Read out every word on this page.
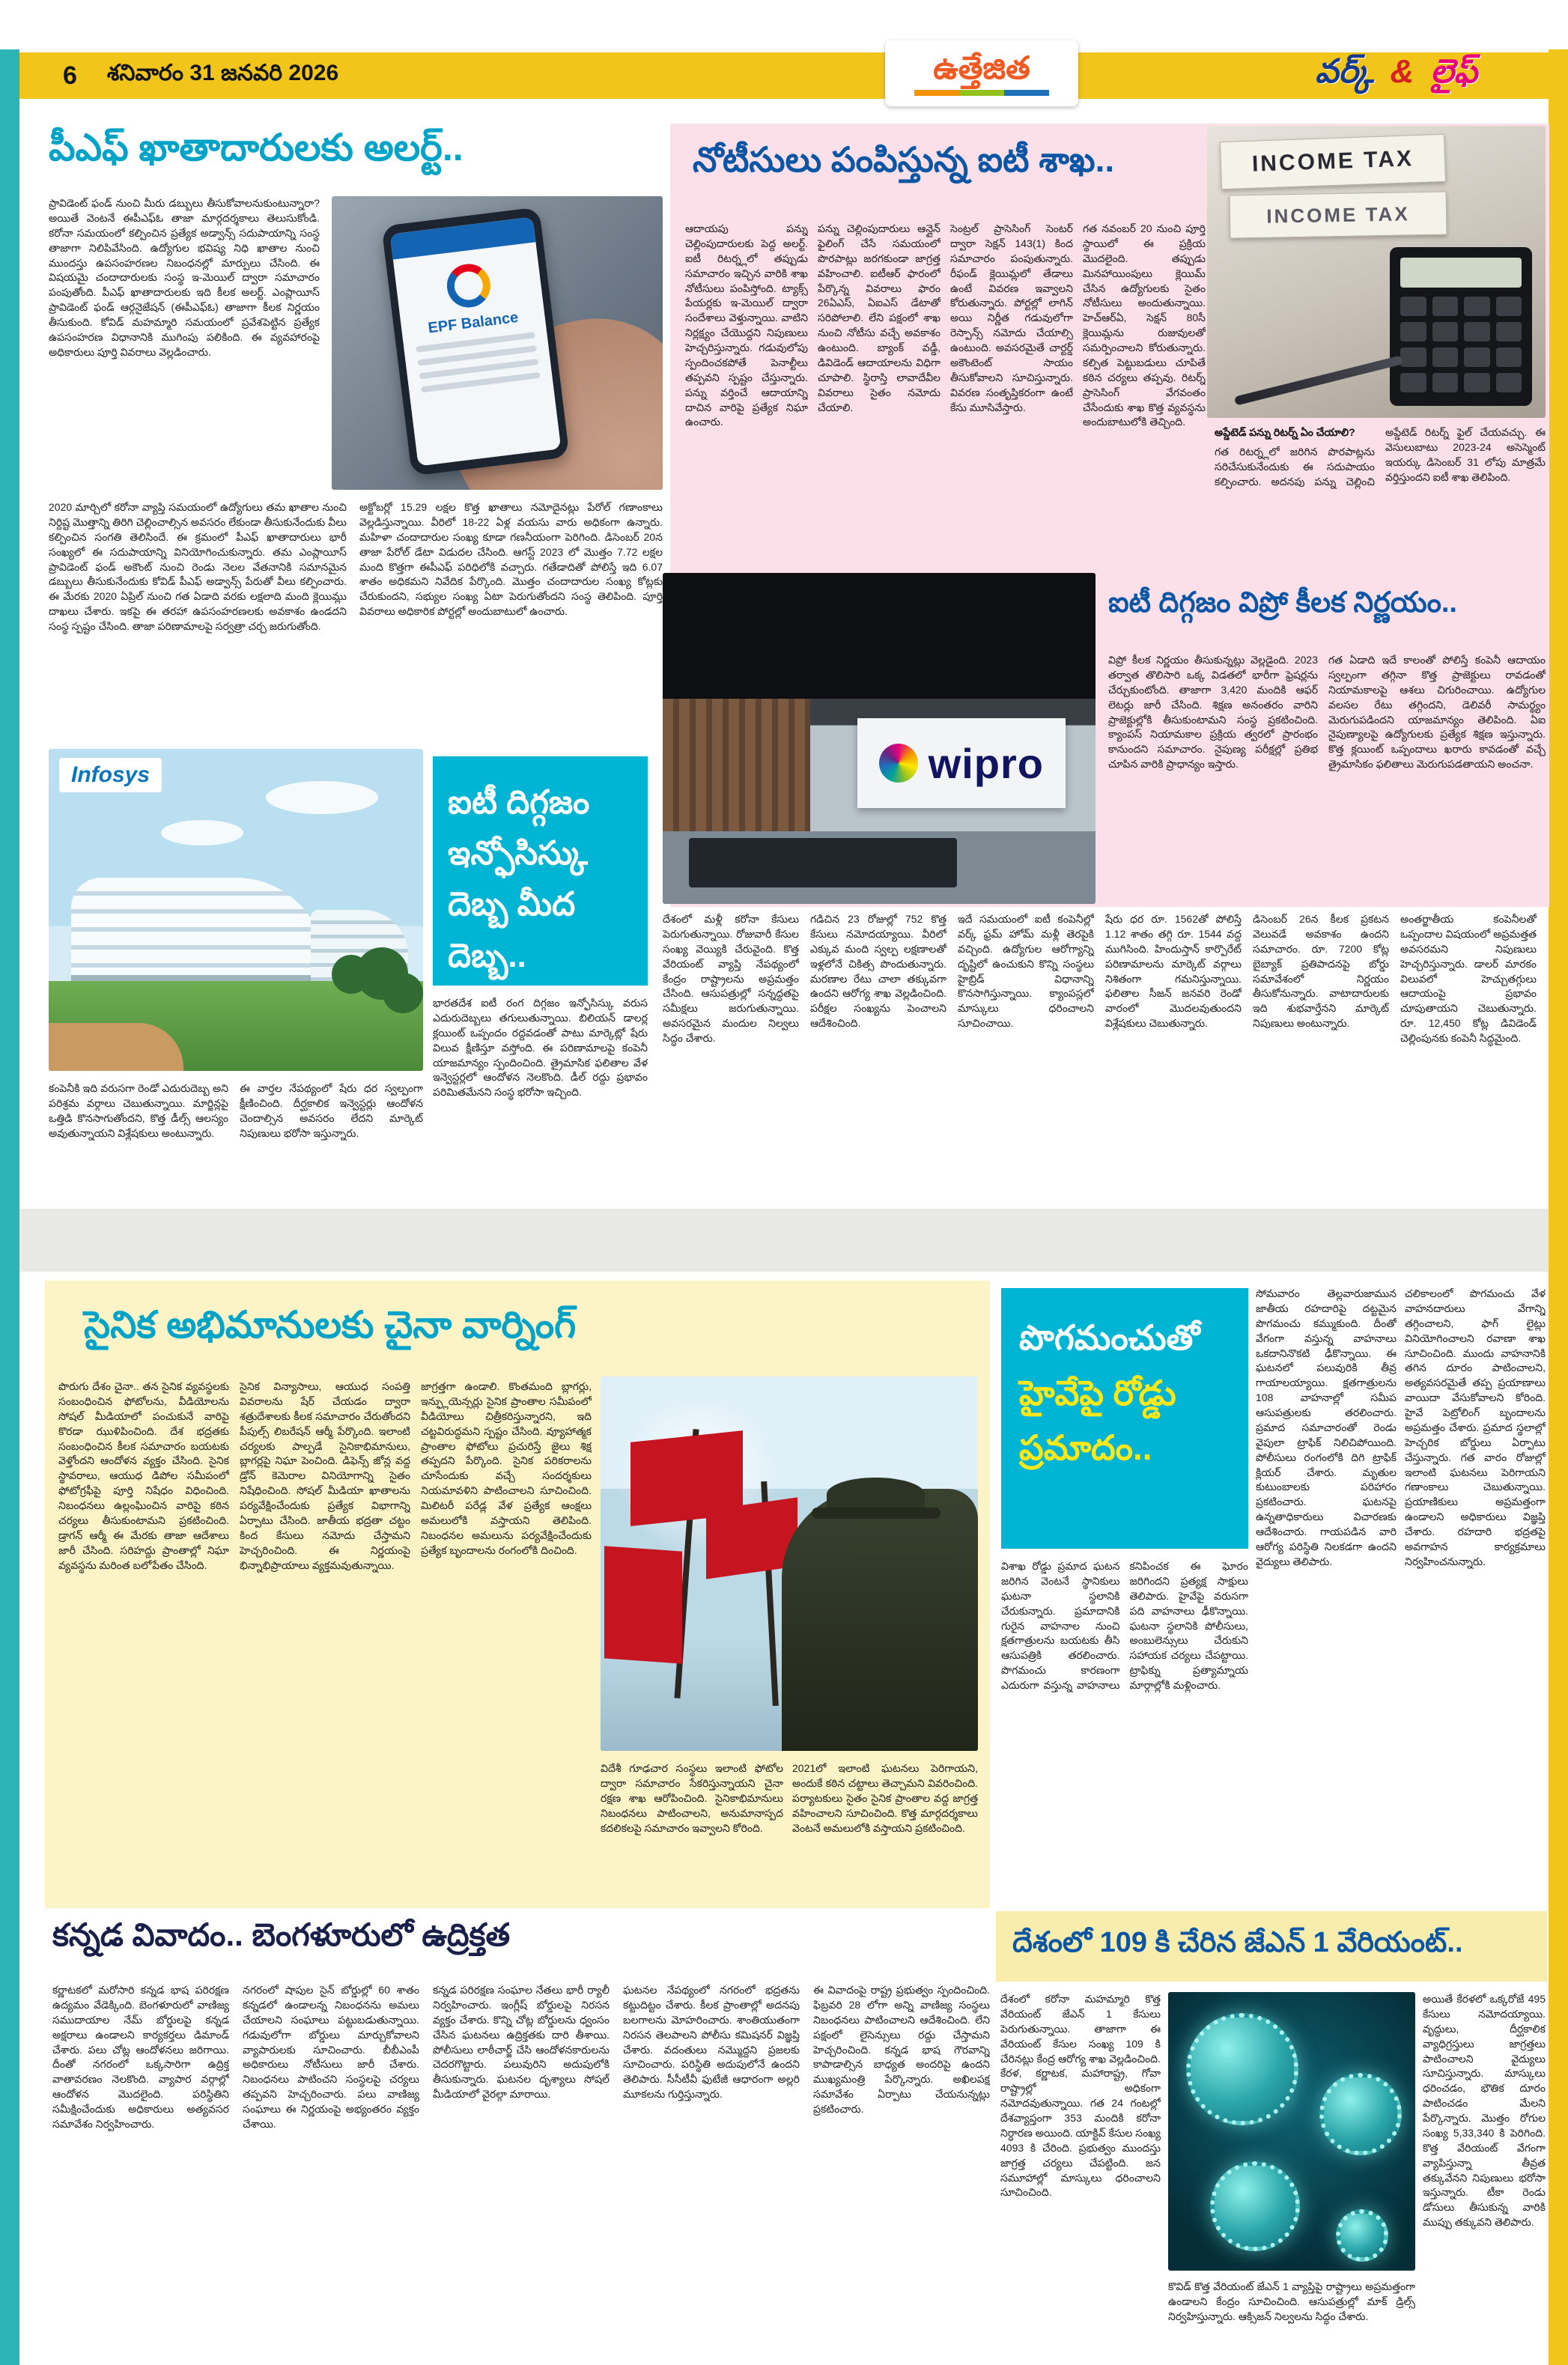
6 శనివారం 31 జనవరి 2026	వర్క్ & లైఫ్
ఉత్తేజిత
పీఎఫ్ ఖాతాదారులకు అలర్ట్..
ప్రావిడెంట్ ఫండ్ నుంచి మీరు డబ్బులు తీసుకోవాలనుకుంటున్నారా? అయితే వెంటనే ఈపీఎఫ్ఓ తాజా మార్గదర్శకాలు తెలుసుకోండి. కరోనా సమయంలో కల్పించిన ప్రత్యేక అడ్వాన్స్ సదుపాయాన్ని సంస్థ తాజాగా నిలిపివేసింది. ఉద్యోగుల భవిష్య నిధి ఖాతాల నుంచి ముందస్తు ఉపసంహరణల నిబంధనల్లో మార్పులు చేసింది. ఈ విషయమై చందాదారులకు సంస్థ ఇ-మెయిల్ ద్వారా సమాచారం పంపుతోంది. పీఎఫ్ ఖాతాదారులకు ఇది కీలక అలర్ట్. ఎంప్లాయీస్ ప్రావిడెంట్ ఫండ్ ఆర్గనైజేషన్ (ఈపీఎఫ్ఓ) తాజాగా కీలక నిర్ణయం తీసుకుంది. కోవిడ్ మహమ్మారి సమయంలో ప్రవేశపెట్టిన ప్రత్యేక ఉపసంహరణ విధానానికి ముగింపు పలికింది. ఈ వ్యవహారంపై అధికారులు పూర్తి వివరాలు వెల్లడించారు.
EPF Balance
2020 మార్చిలో కరోనా వ్యాప్తి సమయంలో ఉద్యోగులు తమ ఖాతాల నుంచి నిర్దిష్ట మొత్తాన్ని తిరిగి చెల్లించాల్సిన అవసరం లేకుండా తీసుకునేందుకు వీలు కల్పించిన సంగతి తెలిసిందే. ఈ క్రమంలో పీఎఫ్ ఖాతాదారులు భారీ సంఖ్యలో ఈ సదుపాయాన్ని వినియోగించుకున్నారు. తమ ఎంప్లాయీస్ ప్రావిడెంట్ ఫండ్ అకౌంట్ నుంచి రెండు నెలల వేతనానికి సమానమైన డబ్బులు తీసుకునేందుకు కోవిడ్ పీఎఫ్ అడ్వాన్స్ పేరుతో వీలు కల్పించారు. ఈ మేరకు 2020 ఏప్రిల్ నుంచి గత ఏడాది వరకు లక్షలాది మంది క్లెయిమ్లు దాఖలు చేశారు. ఇకపై ఈ తరహా ఉపసంహరణలకు అవకాశం ఉండదని సంస్థ స్పష్టం చేసింది. తాజా పరిణామాలపై సర్వత్రా చర్చ జరుగుతోంది.
అక్టోబర్లో 15.29 లక్షల కొత్త ఖాతాలు నమోదైనట్లు పేరోల్ గణాంకాలు వెల్లడిస్తున్నాయి. వీరిలో 18-22 ఏళ్ల వయసు వారు అధికంగా ఉన్నారు. మహిళా చందాదారుల సంఖ్య కూడా గణనీయంగా పెరిగింది. డిసెంబర్ 20న తాజా పేరోల్ డేటా విడుదల చేసింది. ఆగస్ట్ 2023 లో మొత్తం 7.72 లక్షల మంది కొత్తగా ఈపీఎఫ్ పరిధిలోకి వచ్చారు. గతేడాదితో పోలిస్తే ఇది 6.07 శాతం అధికమని నివేదిక పేర్కొంది. మొత్తం చందాదారుల సంఖ్య కోట్లకు చేరుకుందని, సభ్యుల సంఖ్య ఏటా పెరుగుతోందని సంస్థ తెలిపింది. పూర్తి వివరాలు అధికారిక పోర్టల్లో అందుబాటులో ఉంచారు.
నోటీసులు పంపిస్తున్న ఐటీ శాఖ..	INCOME TAX
INCOME TAX
ఆదాయపు పన్ను చెల్లింపుదారులకు పెద్ద అలర్ట్. ఐటీ రిటర్న్లలో తప్పుడు సమాచారం ఇచ్చిన వారికి శాఖ నోటీసులు పంపిస్తోంది. ట్యాక్స్ పేయర్లకు ఇ-మెయిల్ ద్వారా సందేశాలు వెళ్తున్నాయి. వాటిని నిర్లక్ష్యం చేయొద్దని నిపుణులు హెచ్చరిస్తున్నారు. గడువులోపు స్పందించకపోతే పెనాల్టీలు తప్పవని స్పష్టం చేస్తున్నారు. పన్ను వర్తించే ఆదాయాన్ని దాచిన వారిపై ప్రత్యేక నిఘా ఉంచారు.
పన్ను చెల్లింపుదారులు ఆన్లైన్ ఫైలింగ్ చేసే సమయంలో పొరపాట్లు జరగకుండా జాగ్రత్త వహించాలి. ఐటీఆర్ ఫారంలో పేర్కొన్న వివరాలు ఫారం 26ఏఎస్, ఏఐఎస్ డేటాతో సరిపోలాలి. లేని పక్షంలో శాఖ నుంచి నోటీసు వచ్చే అవకాశం ఉంటుంది. బ్యాంక్ వడ్డీ, డివిడెండ్ ఆదాయాలను విధిగా చూపాలి. స్థిరాస్తి లావాదేవీల వివరాలు సైతం నమోదు చేయాలి.
సెంట్రల్ ప్రాసెసింగ్ సెంటర్ ద్వారా సెక్షన్ 143(1) కింద సమాచారం పంపుతున్నారు. రీఫండ్ క్లెయిమ్లలో తేడాలు ఉంటే వివరణ ఇవ్వాలని కోరుతున్నారు. పోర్టల్లో లాగిన్ అయి నిర్ణీత గడువులోగా రెస్పాన్స్ నమోదు చేయాల్సి ఉంటుంది. అవసరమైతే చార్టర్డ్ అకౌంటెంట్ సాయం తీసుకోవాలని సూచిస్తున్నారు. వివరణ సంతృప్తికరంగా ఉంటే కేసు మూసివేస్తారు.
గత నవంబర్ 20 నుంచి పూర్తి స్థాయిలో ఈ ప్రక్రియ మొదలైంది. తప్పుడు మినహాయింపులు క్లెయిమ్ చేసిన ఉద్యోగులకు సైతం నోటీసులు అందుతున్నాయి. హెచ్ఆర్ఏ, సెక్షన్ 80సీ క్లెయిమ్లను రుజువులతో సమర్పించాలని కోరుతున్నారు. కల్పిత పెట్టుబడులు చూపితే కఠిన చర్యలు తప్పవు. రిటర్న్ ప్రాసెసింగ్ వేగవంతం చేసేందుకు శాఖ కొత్త వ్యవస్థను అందుబాటులోకి తెచ్చింది.
అప్డేటెడ్ పన్ను రిటర్న్ ఏం చేయాలి?
గత రిటర్న్లలో జరిగిన పొరపాట్లను సరిచేసుకునేందుకు ఈ సదుపాయం కల్పించారు. అదనపు పన్ను చెల్లించి అప్డేటెడ్ రిటర్న్ ఫైల్ చేయవచ్చు. ఈ వెసులుబాటు 2023-24 అసెస్మెంట్ ఇయర్కు డిసెంబర్ 31 లోపు మాత్రమే వర్తిస్తుందని ఐటీ శాఖ తెలిపింది.
wipro
ఐటీ దిగ్గజం విప్రో కీలక నిర్ణయం..
విప్రో కీలక నిర్ణయం తీసుకున్నట్లు వెల్లడైంది. 2023 తర్వాత తొలిసారి ఒక్క విడతలో భారీగా ఫ్రెషర్లను చేర్చుకుంటోంది. తాజాగా 3,420 మందికి ఆఫర్ లెటర్లు జారీ చేసింది. శిక్షణ అనంతరం వారిని ప్రాజెక్టుల్లోకి తీసుకుంటామని సంస్థ ప్రకటించింది. క్యాంపస్ నియామకాల ప్రక్రియ త్వరలో ప్రారంభం కానుందని సమాచారం. నైపుణ్య పరీక్షల్లో ప్రతిభ చూపిన వారికి ప్రాధాన్యం ఇస్తారు.
గత ఏడాది ఇదే కాలంతో పోలిస్తే కంపెనీ ఆదాయం స్వల్పంగా తగ్గినా కొత్త ప్రాజెక్టులు రావడంతో నియామకాలపై ఆశలు చిగురించాయి. ఉద్యోగుల వలసల రేటు తగ్గిందని, డెలివరీ సామర్థ్యం మెరుగుపడిందని యాజమాన్యం తెలిపింది. ఏఐ నైపుణ్యాలపై ఉద్యోగులకు ప్రత్యేక శిక్షణ ఇస్తున్నారు. కొత్త క్లయింట్ ఒప్పందాలు ఖరారు కావడంతో వచ్చే త్రైమాసికం ఫలితాలు మెరుగుపడతాయని అంచనా.
దేశంలో మళ్లీ కరోనా కేసులు పెరుగుతున్నాయి. రోజువారీ కేసుల సంఖ్య వెయ్యికి చేరువైంది. కొత్త వేరియంట్ వ్యాప్తి నేపథ్యంలో కేంద్రం రాష్ట్రాలను అప్రమత్తం చేసింది. ఆసుపత్రుల్లో సన్నద్ధతపై సమీక్షలు జరుగుతున్నాయి. అవసరమైన మందుల నిల్వలు సిద్ధం చేశారు.
గడిచిన 23 రోజుల్లో 752 కొత్త కేసులు నమోదయ్యాయి. వీరిలో ఎక్కువ మంది స్వల్ప లక్షణాలతో ఇళ్లలోనే చికిత్స పొందుతున్నారు. మరణాల రేటు చాలా తక్కువగా ఉందని ఆరోగ్య శాఖ వెల్లడించింది. పరీక్షల సంఖ్యను పెంచాలని ఆదేశించింది.
ఇదే సమయంలో ఐటీ కంపెనీల్లో వర్క్ ఫ్రమ్ హోమ్ మళ్లీ తెరపైకి వచ్చింది. ఉద్యోగుల ఆరోగ్యాన్ని దృష్టిలో ఉంచుకుని కొన్ని సంస్థలు హైబ్రిడ్ విధానాన్ని కొనసాగిస్తున్నాయి. క్యాంపస్లలో మాస్కులు ధరించాలని సూచించాయి.
షేరు ధర రూ. 1562తో పోలిస్తే 1.12 శాతం తగ్గి రూ. 1544 వద్ద ముగిసింది. హిందుస్తాన్ కార్పొరేట్ పరిణామాలను మార్కెట్ వర్గాలు నిశితంగా గమనిస్తున్నాయి. ఫలితాల సీజన్ జనవరి రెండో వారంలో మొదలవుతుందని విశ్లేషకులు చెబుతున్నారు.
డిసెంబర్ 26న కీలక ప్రకటన వెలువడే అవకాశం ఉందని సమాచారం. రూ. 7200 కోట్ల బైబ్యాక్ ప్రతిపాదనపై బోర్డు సమావేశంలో నిర్ణయం తీసుకోనున్నారు. వాటాదారులకు ఇది శుభవార్తేనని మార్కెట్ నిపుణులు అంటున్నారు.
అంతర్జాతీయ కంపెనీలతో ఒప్పందాల విషయంలో అప్రమత్తత అవసరమని నిపుణులు హెచ్చరిస్తున్నారు. డాలర్ మారకం విలువలో హెచ్చుతగ్గులు ఆదాయంపై ప్రభావం చూపుతాయని చెబుతున్నారు. రూ. 12,450 కోట్ల డివిడెండ్ చెల్లింపునకు కంపెనీ సిద్ధమైంది.
Infosys
ఐటీ దిగ్గజం
ఇన్ఫోసిస్కు
దెబ్బ మీద దెబ్బ..
భారతదేశ ఐటీ రంగ దిగ్గజం ఇన్ఫోసిస్కు వరుస ఎదురుదెబ్బలు తగులుతున్నాయి. బిలియన్ డాలర్ల క్లయింట్ ఒప్పందం రద్దవడంతో పాటు మార్కెట్లో షేరు విలువ క్షీణిస్తూ వస్తోంది. ఈ పరిణామాలపై కంపెనీ యాజమాన్యం స్పందించింది. త్రైమాసిక ఫలితాల వేళ ఇన్వెస్టర్లలో ఆందోళన నెలకొంది. డీల్ రద్దు ప్రభావం పరిమితమేనని సంస్థ భరోసా ఇచ్చింది.
కంపెనీకి ఇది వరుసగా రెండో ఎదురుదెబ్బ అని పరిశ్రమ వర్గాలు చెబుతున్నాయి. మార్జిన్లపై ఒత్తిడి కొనసాగుతోందని, కొత్త డీల్స్ ఆలస్యం అవుతున్నాయని విశ్లేషకులు అంటున్నారు.
ఈ వార్తల నేపథ్యంలో షేరు ధర స్వల్పంగా క్షీణించింది. దీర్ఘకాలిక ఇన్వెస్టర్లు ఆందోళన చెందాల్సిన అవసరం లేదని మార్కెట్ నిపుణులు భరోసా ఇస్తున్నారు.
సైనిక అభిమానులకు చైనా వార్నింగ్
పొరుగు దేశం చైనా.. తన సైనిక వ్యవస్థలకు సంబంధించిన ఫోటోలను, వీడియోలను సోషల్ మీడియాలో పంచుకునే వారిపై కొరడా ఝుళిపించింది. దేశ భద్రతకు సంబంధించిన కీలక సమాచారం బయటకు వెళ్తోందని ఆందోళన వ్యక్తం చేసింది. సైనిక స్థావరాలు, ఆయుధ డిపోల సమీపంలో ఫోటోగ్రఫీపై పూర్తి నిషేధం విధించింది. నిబంధనలు ఉల్లంఘించిన వారిపై కఠిన చర్యలు తీసుకుంటామని ప్రకటించింది. డ్రాగన్ ఆర్మీ ఈ మేరకు తాజా ఆదేశాలు జారీ చేసింది. సరిహద్దు ప్రాంతాల్లో నిఘా వ్యవస్థను మరింత బలోపేతం చేసింది.
సైనిక విన్యాసాలు, ఆయుధ సంపత్తి వివరాలను షేర్ చేయడం ద్వారా శత్రుదేశాలకు కీలక సమాచారం చేరుతోందని పీపుల్స్ లిబరేషన్ ఆర్మీ పేర్కొంది. ఇలాంటి చర్యలకు పాల్పడే సైనికాభిమానులు, బ్లాగర్లపై నిఘా పెంచింది. డిఫెన్స్ జోన్ల వద్ద డ్రోన్ కెమెరాల వినియోగాన్ని సైతం నిషేధించింది. సోషల్ మీడియా ఖాతాలను పర్యవేక్షించేందుకు ప్రత్యేక విభాగాన్ని ఏర్పాటు చేసింది. జాతీయ భద్రతా చట్టం కింద కేసులు నమోదు చేస్తామని హెచ్చరించింది. ఈ నిర్ణయంపై భిన్నాభిప్రాయాలు వ్యక్తమవుతున్నాయి.
జాగ్రత్తగా ఉండాలి. కొంతమంది బ్లాగర్లు, ఇన్ఫ్లుయెన్సర్లు సైనిక ప్రాంతాల సమీపంలో వీడియోలు చిత్రీకరిస్తున్నారని, ఇది చట్టవిరుద్ధమని స్పష్టం చేసింది. వ్యూహాత్మక ప్రాంతాల ఫోటోలు ప్రచురిస్తే జైలు శిక్ష తప్పదని పేర్కొంది. సైనిక పరికరాలను చూసేందుకు వచ్చే సందర్శకులు నియమావళిని పాటించాలని సూచించింది. మిలిటరీ పరేడ్ల వేళ ప్రత్యేక ఆంక్షలు అమలులోకి వస్తాయని తెలిపింది. నిబంధనల అమలును పర్యవేక్షించేందుకు ప్రత్యేక బృందాలను రంగంలోకి దించింది.
విదేశీ గూఢచార సంస్థలు ఇలాంటి ఫోటోల ద్వారా సమాచారం సేకరిస్తున్నాయని చైనా రక్షణ శాఖ ఆరోపించింది. సైనికాభిమానులు నిబంధనలు పాటించాలని, అనుమానాస్పద కదలికలపై సమాచారం ఇవ్వాలని కోరింది.
2021లో ఇలాంటి ఘటనలు పెరిగాయని, అందుకే కఠిన చట్టాలు తెచ్చామని వివరించింది. పర్యాటకులు సైతం సైనిక ప్రాంతాల వద్ద జాగ్రత్త వహించాలని సూచించింది. కొత్త మార్గదర్శకాలు వెంటనే అమలులోకి వస్తాయని ప్రకటించింది.
పొగమంచుతో
హైవేపై రోడ్డు
ప్రమాదం..
విశాఖ రోడ్డు ప్రమాద ఘటన జరిగిన వెంటనే స్థానికులు ఘటనా స్థలానికి చేరుకున్నారు. ప్రమాదానికి గురైన వాహనాల నుంచి క్షతగాత్రులను బయటకు తీసి ఆసుపత్రికి తరలించారు. పొగమంచు కారణంగా ఎదురుగా వస్తున్న వాహనాలు కనిపించక ఈ ఘోరం జరిగిందని ప్రత్యక్ష సాక్షులు తెలిపారు. హైవేపై వరుసగా పది వాహనాలు ఢీకొన్నాయి. ఘటనా స్థలానికి పోలీసులు, అంబులెన్సులు చేరుకుని సహాయక చర్యలు చేపట్టాయి. ట్రాఫిక్ను ప్రత్యామ్నాయ మార్గాల్లోకి మళ్లించారు.
సోమవారం తెల్లవారుజామున జాతీయ రహదారిపై దట్టమైన పొగమంచు కమ్ముకుంది. దీంతో వేగంగా వస్తున్న వాహనాలు ఒకదానినొకటి ఢీకొన్నాయి. ఈ ఘటనలో పలువురికి తీవ్ర గాయాలయ్యాయి. క్షతగాత్రులను 108 వాహనాల్లో సమీప ఆసుపత్రులకు తరలించారు. ప్రమాద సమాచారంతో రెండు వైపులా ట్రాఫిక్ నిలిచిపోయింది. పోలీసులు రంగంలోకి దిగి ట్రాఫిక్ క్లియర్ చేశారు. మృతుల కుటుం‌బాలకు పరిహారం ప్రకటించారు. ఘటనపై ఉన్నతాధికారులు విచారణకు ఆదేశించారు. గాయపడిన వారి ఆరోగ్య పరిస్థితి నిలకడగా ఉందని వైద్యులు తెలిపారు.
చలికాలంలో పొగమంచు వేళ వాహనదారులు వేగాన్ని తగ్గించాలని, ఫాగ్ లైట్లు వినియోగించాలని రవాణా శాఖ సూచించింది. ముందు వాహనానికి తగిన దూరం పాటించాలని, అత్యవసరమైతే తప్ప ప్రయాణాలు వాయిదా వేసుకోవాలని కోరింది. హైవే పెట్రోలింగ్ బృందాలను అప్రమత్తం చేశారు. ప్రమాద స్థలాల్లో హెచ్చరిక బోర్డులు ఏర్పాటు చేస్తున్నారు. గత వారం రోజుల్లో ఇలాంటి ఘటనలు పెరిగాయని గణాంకాలు చెబుతున్నాయి. ప్రయాణికులు అప్రమత్తంగా ఉండాలని అధికారులు విజ్ఞప్తి చేశారు. రహదారి భద్రతపై అవగాహన కార్యక్రమాలు నిర్వహించనున్నారు.
దేశంలో 109 కి చేరిన జేఎన్ 1 వేరియంట్..
దేశంలో కరోనా మహమ్మారి కొత్త వేరియంట్ జేఎన్ 1 కేసులు పెరుగుతున్నాయి. తాజాగా ఈ వేరియంట్ కేసుల సంఖ్య 109 కి చేరినట్లు కేంద్ర ఆరోగ్య శాఖ వెల్లడించింది. కేరళ, కర్ణాటక, మహారాష్ట్ర, గోవా రాష్ట్రాల్లో అధికంగా నమోదవుతున్నాయి. గత 24 గంటల్లో దేశవ్యాప్తంగా 353 మందికి కరోనా నిర్ధారణ అయింది. యాక్టివ్ కేసుల సంఖ్య 4093 కి చేరింది. ప్రభుత్వం ముందస్తు జాగ్రత్త చర్యలు చేపట్టింది. జన సమూహాల్లో మాస్కులు ధరించాలని సూచించింది.
అయితే కేరళలో ఒక్కరోజే 495 కేసులు నమోదయ్యాయి. వృద్ధులు, దీర్ఘకాలిక వ్యాధిగ్రస్తులు జాగ్రత్తలు పాటించాలని వైద్యులు సూచిస్తున్నారు. మాస్కులు ధరించడం, భౌతిక దూరం పాటించడం మేలని పేర్కొన్నారు. మొత్తం రోగుల సంఖ్య 5,33,340 కి పెరిగింది. కొత్త వేరియంట్ వేగంగా వ్యాపిస్తున్నా తీవ్రత తక్కువేనని నిపుణులు భరోసా ఇస్తున్నారు. టీకా రెండు డోసులు తీసుకున్న వారికి ముప్పు తక్కువని తెలిపారు.
కొవిడ్ కొత్త వేరియంట్ జేఎన్ 1 వ్యాప్తిపై రాష్ట్రాలు అప్రమత్తంగా ఉండాలని కేంద్రం సూచించింది. ఆసుపత్రుల్లో మాక్ డ్రిల్స్ నిర్వహిస్తున్నారు. ఆక్సిజన్ నిల్వలను సిద్ధం చేశారు.
కన్నడ వివాదం.. బెంగళూరులో ఉద్రిక్తత
కర్ణాటకలో మరోసారి కన్నడ భాష పరిరక్షణ ఉద్యమం వేడెక్కింది. బెంగళూరులో వాణిజ్య సముదాయాల నేమ్ బోర్డులపై కన్నడ అక్షరాలు ఉండాలని కార్యకర్తలు డిమాండ్ చేశారు. పలు చోట్ల ఆందోళనలు జరిగాయి. దీంతో నగరంలో ఒక్కసారిగా ఉద్రిక్త వాతావరణం నెలకొంది. వ్యాపార వర్గాల్లో ఆందోళన మొదలైంది. పరిస్థితిని సమీక్షించేందుకు అధికారులు అత్యవసర సమావేశం నిర్వహించారు.
నగరంలో షాపుల సైన్ బోర్డుల్లో 60 శాతం కన్నడలో ఉండాలన్న నిబంధనను అమలు చేయాలని సంఘాలు పట్టుబడుతున్నాయి. గడువులోగా బోర్డులు మార్చుకోవాలని వ్యాపారులకు సూచించారు. బీబీఎంపీ అధికారులు నోటీసులు జారీ చేశారు. నిబంధనలు పాటించని సంస్థలపై చర్యలు తప్పవని హెచ్చరించారు. పలు వాణిజ్య సంఘాలు ఈ నిర్ణయంపై అభ్యంతరం వ్యక్తం చేశాయి.
కన్నడ పరిరక్షణ సంఘాల నేతలు భారీ ర్యాలీ నిర్వహించారు. ఇంగ్లీష్ బోర్డులపై నిరసన వ్యక్తం చేశారు. కొన్ని చోట్ల బోర్డులను ధ్వంసం చేసిన ఘటనలు ఉద్రిక్తతకు దారి తీశాయి. పోలీసులు లాఠీచార్జ్ చేసి ఆందోళనకారులను చెదరగొట్టారు. పలువురిని అదుపులోకి తీసుకున్నారు. ఘటనల దృశ్యాలు సోషల్ మీడియాలో వైరల్గా మారాయి.
ఘటనల నేపథ్యంలో నగరంలో భద్రతను కట్టుదిట్టం చేశారు. కీలక ప్రాంతాల్లో అదనపు బలగాలను మోహరించారు. శాంతియుతంగా నిరసన తెలపాలని పోలీసు కమిషనర్ విజ్ఞప్తి చేశారు. వదంతులు నమ్మొద్దని ప్రజలకు సూచించారు. పరిస్థితి అదుపులోనే ఉందని తెలిపారు. సీసీటీవీ ఫుటేజీ ఆధారంగా అల్లరి మూకలను గుర్తిస్తున్నారు.
ఈ వివాదంపై రాష్ట్ర ప్రభుత్వం స్పందించింది. ఫిబ్రవరి 28 లోగా అన్ని వాణిజ్య సంస్థలు నిబంధనలు పాటించాలని ఆదేశించింది. లేని పక్షంలో లైసెన్సులు రద్దు చేస్తామని హెచ్చరించింది. కన్నడ భాష గౌరవాన్ని కాపాడాల్సిన బాధ్యత అందరిపై ఉందని ముఖ్యమంత్రి పేర్కొన్నారు. అఖిలపక్ష సమావేశం ఏర్పాటు చేయనున్నట్లు ప్రకటించారు.
